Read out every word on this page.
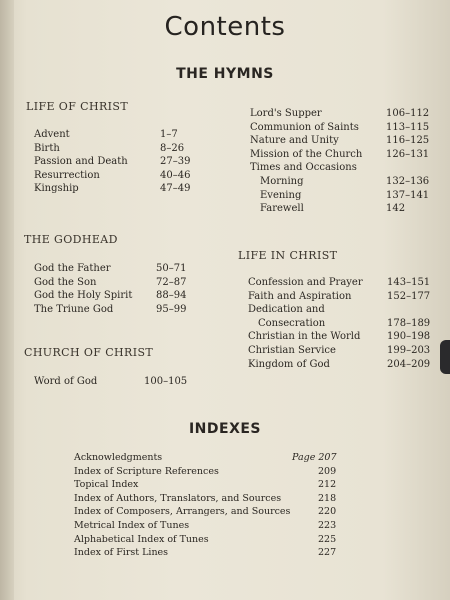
Contents
THE HYMNS
LIFE OF CHRIST
Advent	1–7
Birth	8–26
Passion and Death	27–39
Resurrection	40–46
Kingship	47–49
THE GODHEAD
God the Father	50–71
God the Son	72–87
God the Holy Spirit 88–94
The Triune God	95–99
CHURCH OF CHRIST
Word of God	100–105
Lord's Supper	106–112
Communion of Saints	113–115
Nature and Unity	116–125
Mission of the Church 126–131
Times and Occasions
Morning	132–136
Evening	137–141
Farewell	142
LIFE IN CHRIST
Confession and Prayer 143–151
Faith and Aspiration	152–177
Dedication and
Consecration	178–189
Christian in the World	190–198
Christian Service	199–203
Kingdom of God	204–209
INDEXES
Acknowledgments	Page 207
Index of Scripture References	209
Topical Index	212
Index of Authors, Translators, and Sources	218
Index of Composers, Arrangers, and Sources	220
Metrical Index of Tunes	223
Alphabetical Index of Tunes	225
Index of First Lines	227
